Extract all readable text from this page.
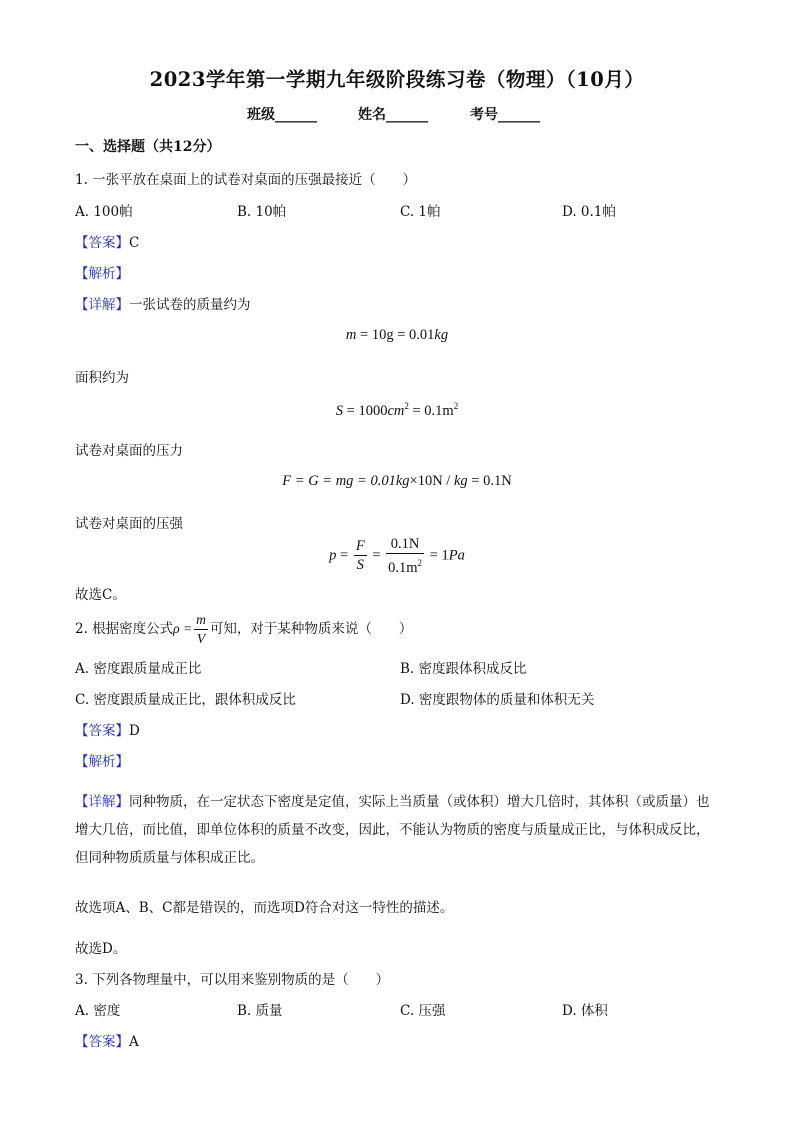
2023学年第一学期九年级阶段练习卷（物理）（10月）
班级______	姓名______	考号______
一、选择题（共12分）
1. 一张平放在桌面上的试卷对桌面的压强最接近（　　）
A. 100帕	B. 10帕	C. 1帕	D. 0.1帕
【答案】C
【解析】
【详解】一张试卷的质量约为
m = 10g = 0.01kg
面积约为
$S = 1000cm^2 = 0.1m^2$
试卷对桌面的压力
F = G = mg = 0.01kg×10N / kg = 0.1N
试卷对桌面的压强
$p = \frac{F}{S} = \frac{0.1N}{0.1m^2} = 1Pa$
故选C。
2. 根据密度公式$\rho = \frac{m}{V}$ 可知，对于某种物质来说（　　）
A. 密度跟质量成正比	B. 密度跟体积成反比
C. 密度跟质量成正比，跟体积成反比	D. 密度跟物体的质量和体积无关
【答案】D
【解析】
【详解】同种物质，在一定状态下密度是定值，实际上当质量（或体积）增大几倍时，其体积（或质量）也增大几倍，而比值，即单位体积的质量不改变，因此，不能认为物质的密度与质量成正比，与体积成反比，但同种物质质量与体积成正比。
故选项A、B、C都是错误的，而选项D符合对这一特性的描述。
故选D。
3. 下列各物理量中，可以用来鉴别物质的是（　　）
A. 密度	B. 质量	C. 压强	D. 体积
【答案】A
